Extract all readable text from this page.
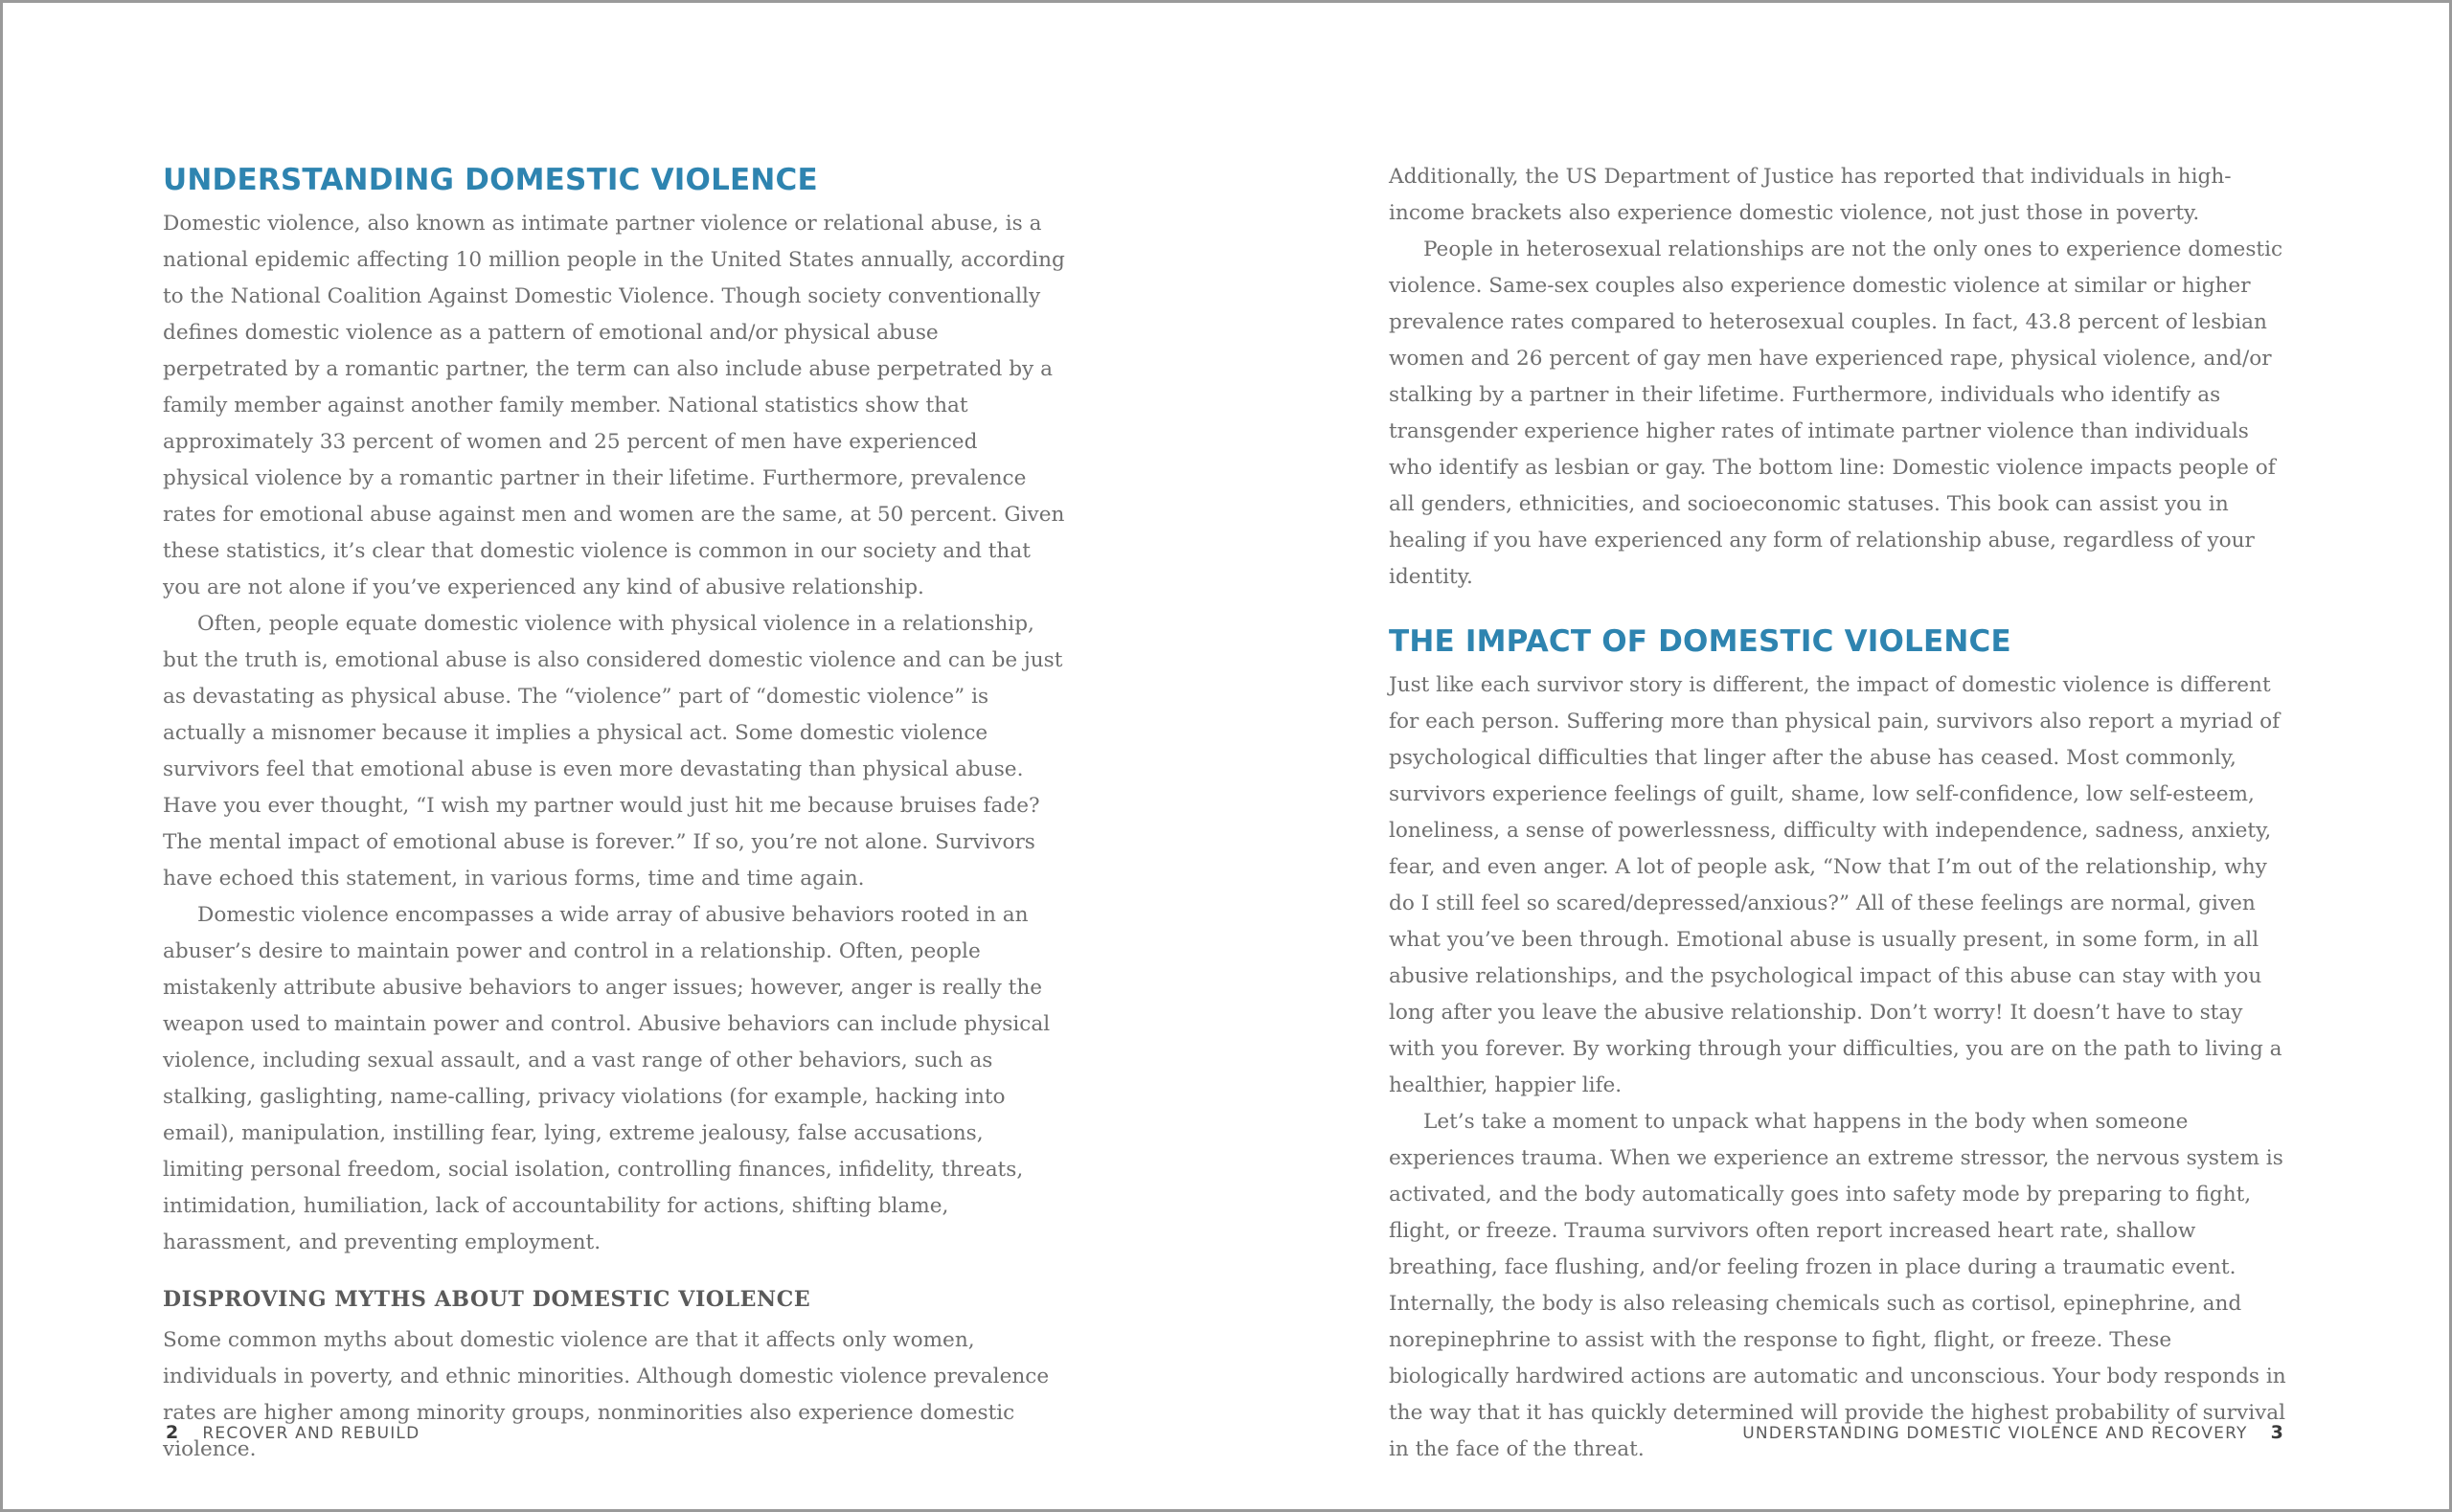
UNDERSTANDING DOMESTIC VIOLENCE

Domestic violence, also known as intimate partner violence or relational abuse, is a national epidemic affecting 10 million people in the United States annually, according to the National Coalition Against Domestic Violence. Though society conventionally defines domestic violence as a pattern of emotional and/or physical abuse perpetrated by a romantic partner, the term can also include abuse perpetrated by a family member against another family member. National statistics show that approximately 33 percent of women and 25 percent of men have experienced physical violence by a romantic partner in their lifetime. Furthermore, prevalence rates for emotional abuse against men and women are the same, at 50 percent. Given these statistics, it’s clear that domestic violence is common in our society and that you are not alone if you’ve experienced any kind of abusive relationship.

Often, people equate domestic violence with physical violence in a relationship, but the truth is, emotional abuse is also considered domestic violence and can be just as devastating as physical abuse. The “violence” part of “domestic violence” is actually a misnomer because it implies a physical act. Some domestic violence survivors feel that emotional abuse is even more devastating than physical abuse. Have you ever thought, “I wish my partner would just hit me because bruises fade? The mental impact of emotional abuse is forever.” If so, you’re not alone. Survivors have echoed this statement, in various forms, time and time again.

Domestic violence encompasses a wide array of abusive behaviors rooted in an abuser’s desire to maintain power and control in a relationship. Often, people mistakenly attribute abusive behaviors to anger issues; however, anger is really the weapon used to maintain power and control. Abusive behaviors can include physical violence, including sexual assault, and a vast range of other behaviors, such as stalking, gaslighting, name-calling, privacy violations (for example, hacking into email), manipulation, instilling fear, lying, extreme jealousy, false accusations, limiting personal freedom, social isolation, controlling finances, infidelity, threats, intimidation, humiliation, lack of accountability for actions, shifting blame, harassment, and preventing employment.

DISPROVING MYTHS ABOUT DOMESTIC VIOLENCE

Some common myths about domestic violence are that it affects only women, individuals in poverty, and ethnic minorities. Although domestic violence prevalence rates are higher among minority groups, nonminorities also experience domestic violence.

2 RECOVER AND REBUILD

Additionally, the US Department of Justice has reported that individuals in high-income brackets also experience domestic violence, not just those in poverty.

People in heterosexual relationships are not the only ones to experience domestic violence. Same-sex couples also experience domestic violence at similar or higher prevalence rates compared to heterosexual couples. In fact, 43.8 percent of lesbian women and 26 percent of gay men have experienced rape, physical violence, and/or stalking by a partner in their lifetime. Furthermore, individuals who identify as transgender experience higher rates of intimate partner violence than individuals who identify as lesbian or gay. The bottom line: Domestic violence impacts people of all genders, ethnicities, and socioeconomic statuses. This book can assist you in healing if you have experienced any form of relationship abuse, regardless of your identity.

THE IMPACT OF DOMESTIC VIOLENCE

Just like each survivor story is different, the impact of domestic violence is different for each person. Suffering more than physical pain, survivors also report a myriad of psychological difficulties that linger after the abuse has ceased. Most commonly, survivors experience feelings of guilt, shame, low self-confidence, low self-esteem, loneliness, a sense of powerlessness, difficulty with independence, sadness, anxiety, fear, and even anger. A lot of people ask, “Now that I’m out of the relationship, why do I still feel so scared/depressed/anxious?” All of these feelings are normal, given what you’ve been through. Emotional abuse is usually present, in some form, in all abusive relationships, and the psychological impact of this abuse can stay with you long after you leave the abusive relationship. Don’t worry! It doesn’t have to stay with you forever. By working through your difficulties, you are on the path to living a healthier, happier life.

Let’s take a moment to unpack what happens in the body when someone experiences trauma. When we experience an extreme stressor, the nervous system is activated, and the body automatically goes into safety mode by preparing to fight, flight, or freeze. Trauma survivors often report increased heart rate, shallow breathing, face flushing, and/or feeling frozen in place during a traumatic event. Internally, the body is also releasing chemicals such as cortisol, epinephrine, and norepinephrine to assist with the response to fight, flight, or freeze. These biologically hardwired actions are automatic and unconscious. Your body responds in the way that it has quickly determined will provide the highest probability of survival in the face of the threat.

UNDERSTANDING DOMESTIC VIOLENCE AND RECOVERY 3
